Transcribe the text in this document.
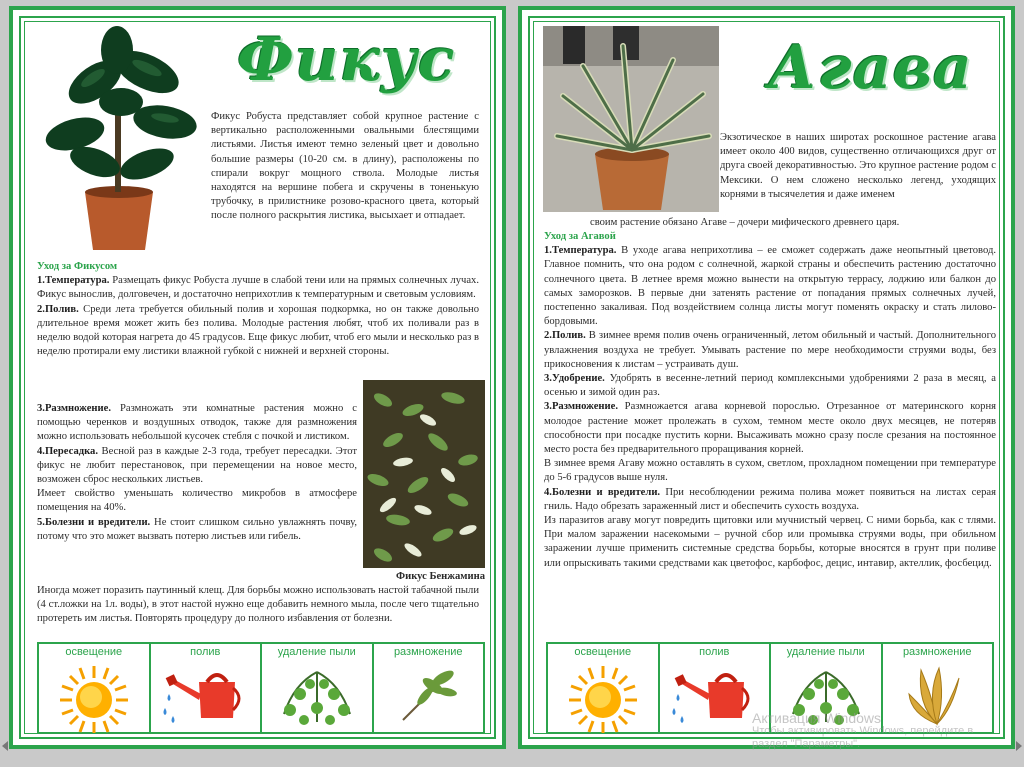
Фикус
Фикус Робуста представляет собой крупное растение с вертикально расположенными овальными блестящими листьями. Листья имеют темно зеленый цвет и довольно большие размеры (10-20 см. в длину), расположены по спирали вокруг мощного ствола. Молодые листья находятся на вершине побега и скручены в тоненькую трубочку, в прилистнике розово-красного цвета, который после полного раскрытия листика, высыхает и отпадает.

Уход за Фикусом

1.Температура. Размещать фикус Робуста лучше в слабой тени или на прямых солнечных лучах. Фикус вынослив, долговечен, и достаточно неприхотлив к температурным и световым условиям.

2.Полив. Среди лета требуется обильный полив и хорошая подкормка, но он также довольно длительное время может жить без полива. Молодые растения любят, чтоб их поливали раз в неделю водой которая нагрета до 45 градусов. Еще фикус любит, чтоб его мыли и несколько раз в неделю протирали ему листики влажной губкой с нижней и верхней стороны.

3.Размножение. Размножать эти комнатные растения можно с помощью черенков и воздушных отводок, также для размножения можно использовать небольшой кусочек стебля с почкой и листиком.

4.Пересадка. Весной раз в каждые 2-3 года, требует пересадки. Этот фикус не любит перестановок, при перемещении на новое место, возможен сброс нескольких листьев.

Имеет свойство уменьшать количество микробов в атмосфере помещения на 40%.

5.Болезни и вредители. Не стоит слишком сильно увлажнять почву, потому что это может вызвать потерю листьев или гибель.

Фикус Бенжамина
Иногда может поразить паутинный клещ. Для борьбы можно использовать настой табачной пыли (4 ст.ложки на 1л. воды), в этот настой нужно еще добавить немного мыла, после чего тщательно протереть им листья. Повторять процедуру до полного избавления от болезни.
освещение	полив	удаление пыли	размножение
Агава
Экзотическое в наших широтах роскошное растение агава имеет около 400 видов, существенно отличающихся друг от друга своей декоративностью. Это крупное растение родом с Мексики. О нем сложено несколько легенд, уходящих корнями в тысячелетия и даже именем
своим растение обязано Агаве – дочери мифического древнего царя.

Уход за Агавой

1.Температура. В уходе агава неприхотлива – ее сможет содержать даже неопытный цветовод. Главное помнить, что она родом с солнечной, жаркой страны и обеспечить растению достаточно солнечного цвета. В летнее время можно вынести на открытую террасу, лоджию или балкон до самых заморозков. В первые дни затенять растение от попадания прямых солнечных лучей, постепенно закаливая. Под воздействием солнца листы могут поменять окраску и стать лилово-бордовыми.

2.Полив. В зимнее время полив очень ограниченный, летом обильный и частый. Дополнительного увлажнения воздуха не требует. Умывать растение по мере необходимости струями воды, без прикосновения к листам – устраивать душ.

3.Удобрение. Удобрять в весенне-летний период комплексными удобрениями 2 раза в месяц, а осенью и зимой один раз.

3.Размножение. Размножается агава корневой порослью. Отрезанное от материнского корня молодое растение может пролежать в сухом, темном месте около двух месяцев, не потеряв способности при посадке пустить корни. Высаживать можно сразу после срезания на постоянное место роста без предварительного проращивания корней.

В зимнее время Агаву можно оставлять в сухом, светлом, прохладном помещении при температуре до 5-6 градусов выше нуля.

4.Болезни и вредители. При несоблюдении режима полива может появиться на листах серая гниль. Надо обрезать зараженный лист и обеспечить сухость воздуха.

Из паразитов агаву могут повредить щитовки или мучнистый червец. С ними борьба, как с тлями. При малом заражении насекомыми – ручной сбор или промывка струями воды, при обильном заражении лучше применить системные средства борьбы, которые вносятся в грунт при поливе или опрыскивать такими средствами как цветофос, карбофос, децис, интавир, актеллик, фосбецид.

освещение	полив	удаление пыли	размножение
Активация Windows
Чтобы активировать Windows, перейдите в
раздел "Параметры".
